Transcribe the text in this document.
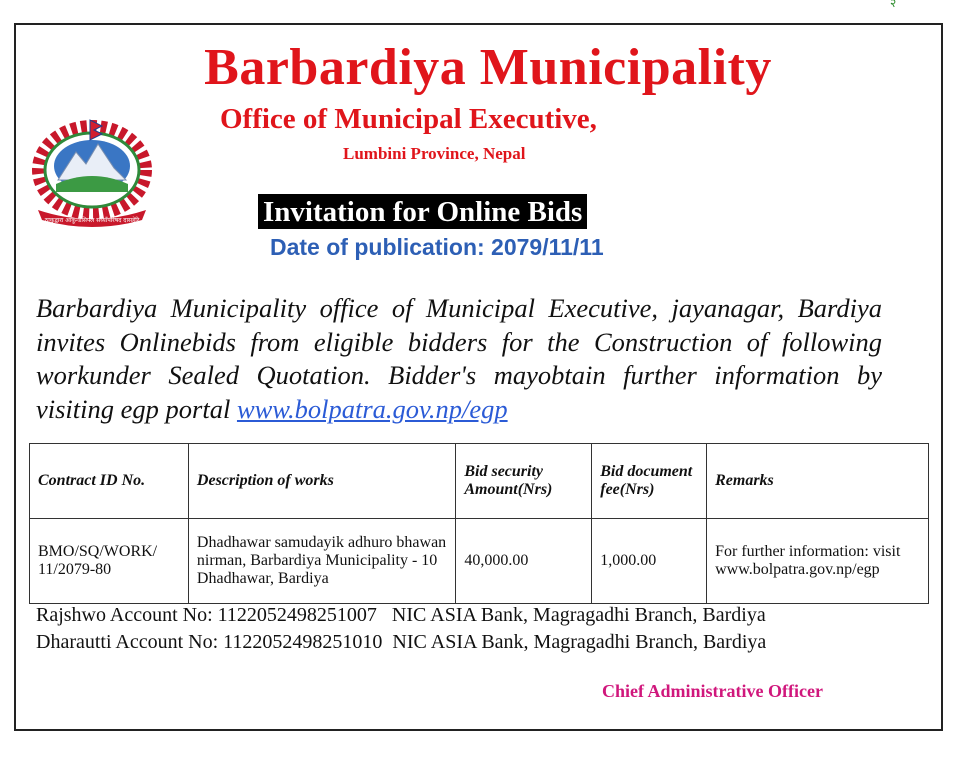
२
Barbardiya Municipality
Office of Municipal Executive,
Lumbini Province, Nepal
ठाकुद्वारा आकुन्डसिफ्ल संघ्याँपरिषद दासहेरि	Invitation for Online Bids
Date of publication: 2079/11/11
Barbardiya Municipality office of Municipal Executive, jayanagar, Bardiya invites Onlinebids from eligible bidders for the Construction of following workunder Sealed Quotation. Bidder's mayobtain further information by visiting egp portal www.bolpatra.gov.np/egp
Contract ID No.	Description of works	Bid security Amount(Nrs)	Bid document fee(Nrs)	Remarks
BMO/SQ/WORK/ 11/2079-80	Dhadhawar samudayik adhuro bhawan nirman, Barbardiya Municipality - 10 Dhadhawar, Bardiya	40,000.00	1,000.00	For further information: visit www.bolpatra.gov.np/egp
Rajshwo Account No: 1122052498251007   NIC ASIA Bank, Magragadhi Branch, Bardiya
Dharautti Account No: 1122052498251010  NIC ASIA Bank, Magragadhi Branch, Bardiya
Chief Administrative Officer
